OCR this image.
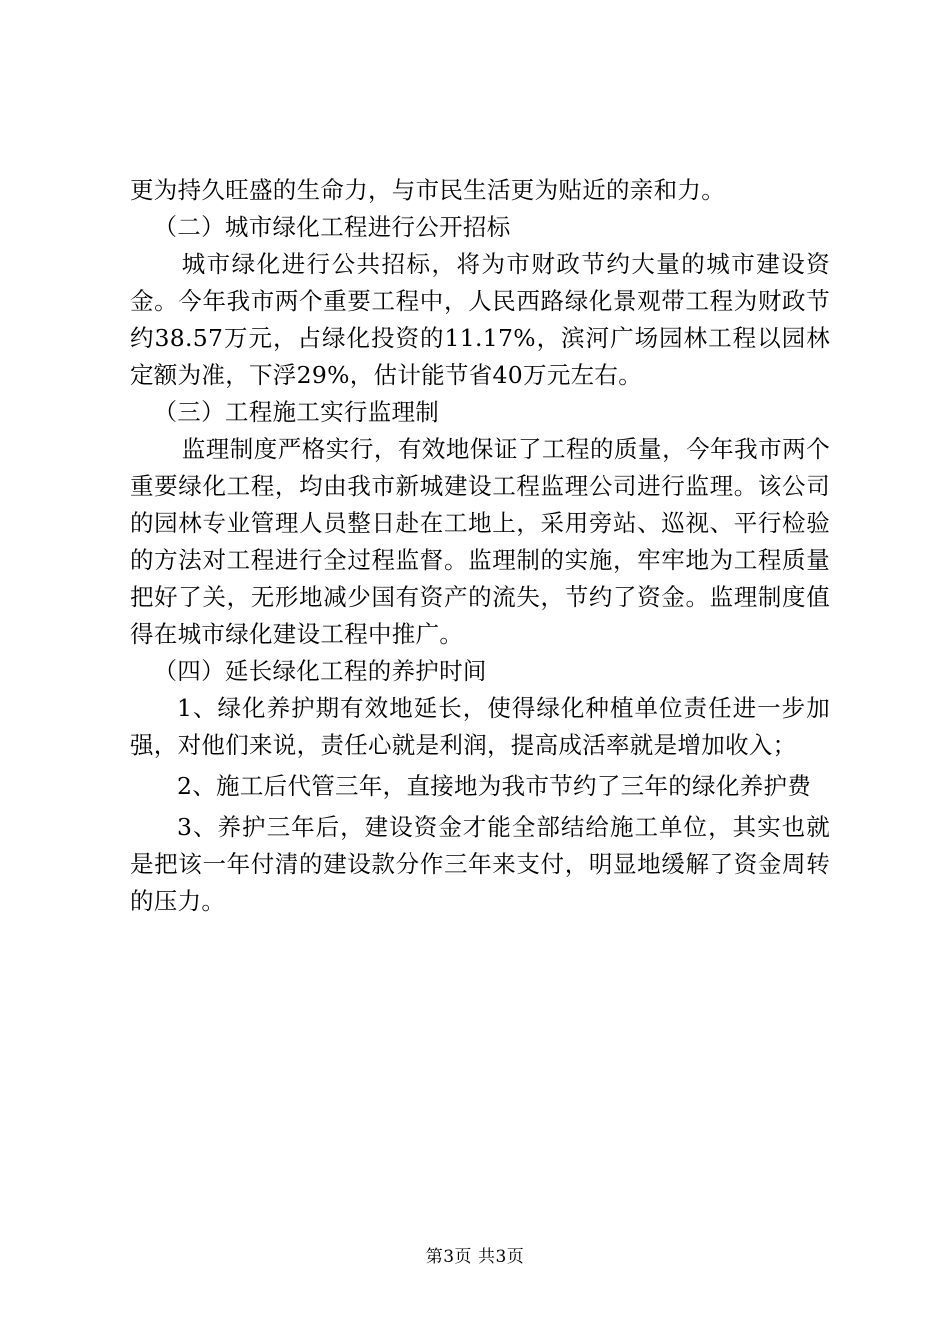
更为持久旺盛的生命力，与市民生活更为贴近的亲和力。

（二）城市绿化工程进行公开招标

城市绿化进行公共招标，将为市财政节约大量的城市建设资金。今年我市两个重要工程中，人民西路绿化景观带工程为财政节约38.57万元，占绿化投资的11.17%，滨河广场园林工程以园林定额为准，下浮29%，估计能节省40万元左右。

（三）工程施工实行监理制

监理制度严格实行，有效地保证了工程的质量，今年我市两个重要绿化工程，均由我市新城建设工程监理公司进行监理。该公司的园林专业管理人员整日赴在工地上，采用旁站、巡视、平行检验的方法对工程进行全过程监督。监理制的实施，牢牢地为工程质量把好了关，无形地减少国有资产的流失，节约了资金。监理制度值得在城市绿化建设工程中推广。

（四）延长绿化工程的养护时间

1、绿化养护期有效地延长，使得绿化种植单位责任进一步加强，对他们来说，责任心就是利润，提高成活率就是增加收入；

2、施工后代管三年，直接地为我市节约了三年的绿化养护费

3、养护三年后，建设资金才能全部结给施工单位，其实也就是把该一年付清的建设款分作三年来支付，明显地缓解了资金周转的压力。

第3页 共3页
